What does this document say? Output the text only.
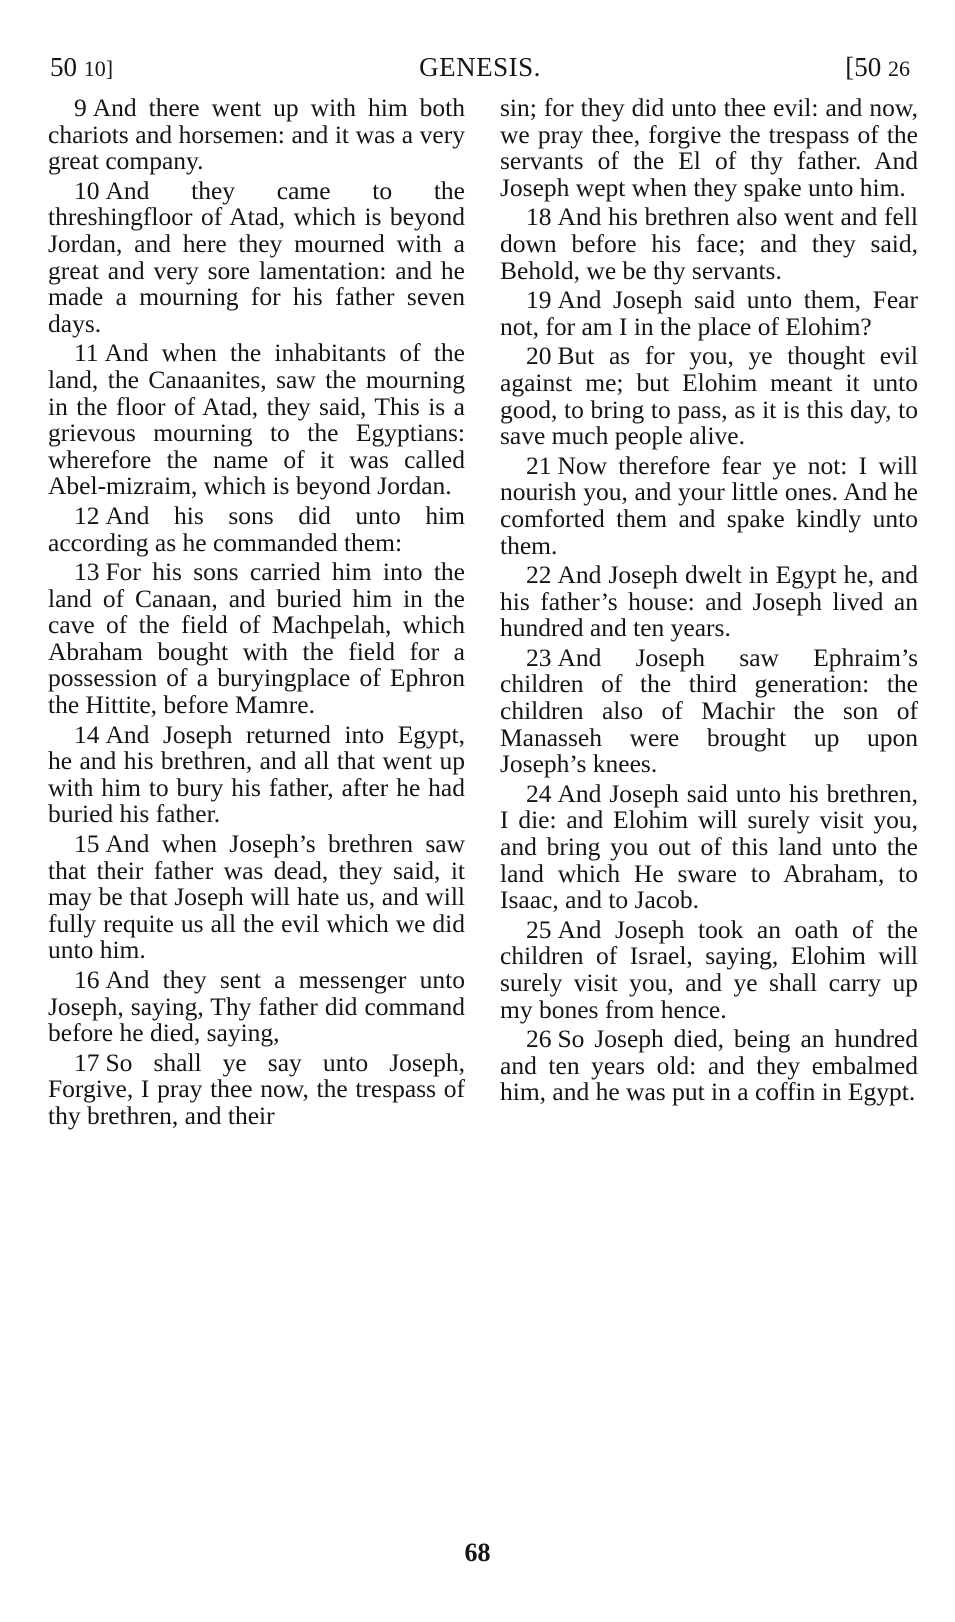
50 10]	GENESIS.	[50 26

9 And there went up with him both chariots and horsemen: and it was a very great company.

10 And they came to the threshingfloor of Atad, which is beyond Jordan, and here they mourned with a great and very sore lamentation: and he made a mourning for his father seven days.

11 And when the inhabitants of the land, the Canaanites, saw the mourning in the floor of Atad, they said, This is a grievous mourning to the Egyptians: wherefore the name of it was called Abel-mizraim, which is beyond Jordan.

12 And his sons did unto him according as he commanded them:

13 For his sons carried him into the land of Canaan, and buried him in the cave of the field of Machpelah, which Abraham bought with the field for a possession of a buryingplace of Ephron the Hittite, before Mamre.

14 And Joseph returned into Egypt, he and his brethren, and all that went up with him to bury his father, after he had buried his father.

15 And when Joseph’s brethren saw that their father was dead, they said, it may be that Joseph will hate us, and will fully requite us all the evil which we did unto him.

16 And they sent a messenger unto Joseph, saying, Thy father did command before he died, saying,

17 So shall ye say unto Joseph, Forgive, I pray thee now, the trespass of thy brethren, and their

sin; for they did unto thee evil: and now, we pray thee, forgive the trespass of the servants of the El of thy father. And Joseph wept when they spake unto him.

18 And his brethren also went and fell down before his face; and they said, Behold, we be thy servants.

19 And Joseph said unto them, Fear not, for am I in the place of Elohim?

20 But as for you, ye thought evil against me; but Elohim meant it unto good, to bring to pass, as it is this day, to save much people alive.

21 Now therefore fear ye not: I will nourish you, and your little ones. And he comforted them and spake kindly unto them.

22 And Joseph dwelt in Egypt he, and his father’s house: and Joseph lived an hundred and ten years.

23 And Joseph saw Ephraim’s children of the third generation: the children also of Machir the son of Manasseh were brought up upon Joseph’s knees.

24 And Joseph said unto his brethren, I die: and Elohim will surely visit you, and bring you out of this land unto the land which He sware to Abraham, to Isaac, and to Jacob.

25 And Joseph took an oath of the children of Israel, saying, Elohim will surely visit you, and ye shall carry up my bones from hence.

26 So Joseph died, being an hundred and ten years old: and they embalmed him, and he was put in a coffin in Egypt.

68
